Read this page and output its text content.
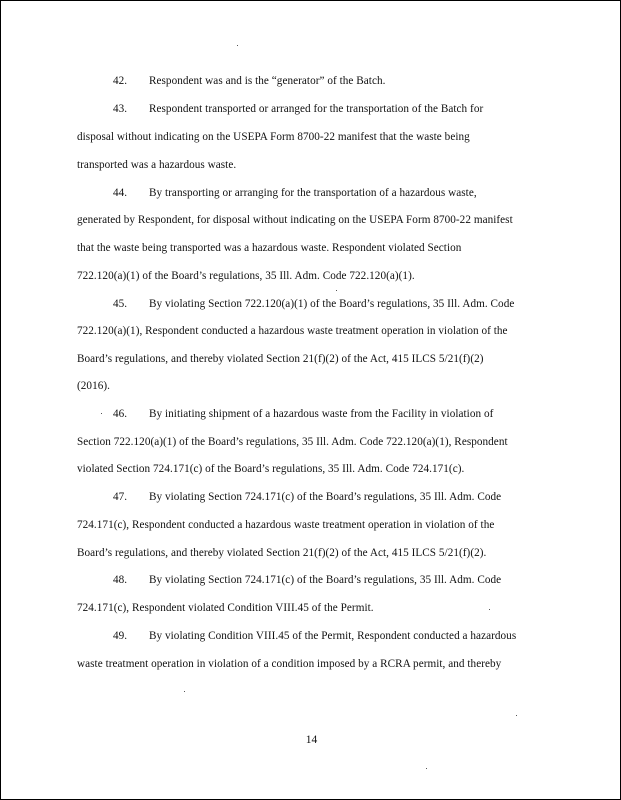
42. Respondent was and is the “generator” of the Batch.
43. Respondent transported or arranged for the transportation of the Batch for
disposal without indicating on the USEPA Form 8700-22 manifest that the waste being
transported was a hazardous waste.
44. By transporting or arranging for the transportation of a hazardous waste,
generated by Respondent, for disposal without indicating on the USEPA Form 8700-22 manifest
that the waste being transported was a hazardous waste. Respondent violated Section
722.120(a)(1) of the Board’s regulations, 35 Ill. Adm. Code 722.120(a)(1).
45. By violating Section 722.120(a)(1) of the Board’s regulations, 35 Ill. Adm. Code
722.120(a)(1), Respondent conducted a hazardous waste treatment operation in violation of the
Board’s regulations, and thereby violated Section 21(f)(2) of the Act, 415 ILCS 5/21(f)(2)
(2016).
46. By initiating shipment of a hazardous waste from the Facility in violation of
Section 722.120(a)(1) of the Board’s regulations, 35 Ill. Adm. Code 722.120(a)(1), Respondent
violated Section 724.171(c) of the Board’s regulations, 35 Ill. Adm. Code 724.171(c).
47. By violating Section 724.171(c) of the Board’s regulations, 35 Ill. Adm. Code
724.171(c), Respondent conducted a hazardous waste treatment operation in violation of the
Board’s regulations, and thereby violated Section 21(f)(2) of the Act, 415 ILCS 5/21(f)(2).
48. By violating Section 724.171(c) of the Board’s regulations, 35 Ill. Adm. Code
724.171(c), Respondent violated Condition VIII.45 of the Permit.
49. By violating Condition VIII.45 of the Permit, Respondent conducted a hazardous
waste treatment operation in violation of a condition imposed by a RCRA permit, and thereby
14
